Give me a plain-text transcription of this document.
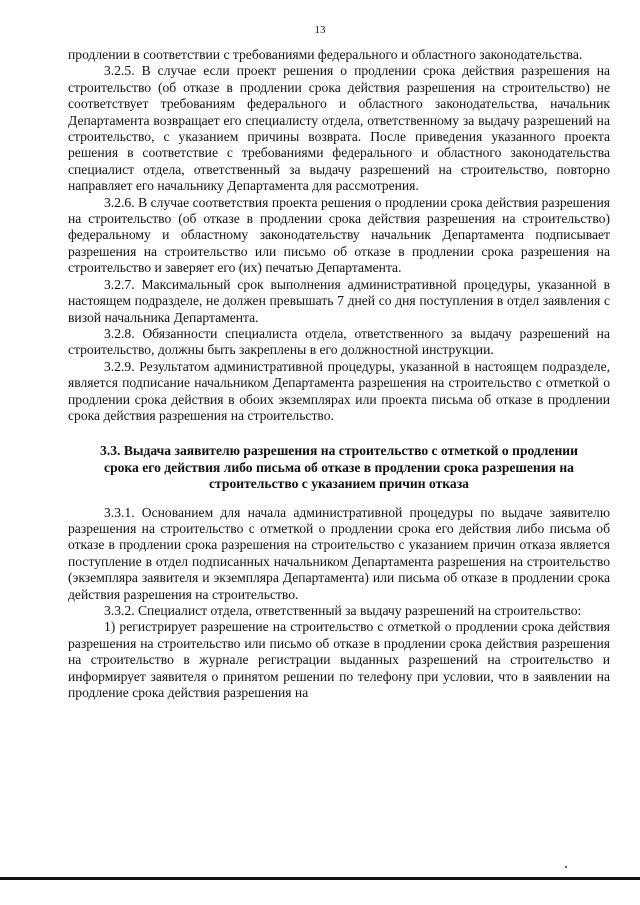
13

продлении в соответствии с требованиями федерального и областного законодательства.

3.2.5. В случае если проект решения о продлении срока действия разрешения на строительство (об отказе в продлении срока действия разрешения на строительство) не соответствует требованиям федерального и областного законодательства, начальник Департамента возвращает его специалисту отдела, ответственному за выдачу разрешений на строительство, с указанием причины возврата. После приведения указанного проекта решения в соответствие с требованиями федерального и областного законодательства специалист отдела, ответственный за выдачу разрешений на строительство, повторно направляет его начальнику Департамента для рассмотрения.

3.2.6. В случае соответствия проекта решения о продлении срока действия разрешения на строительство (об отказе в продлении срока действия разрешения на строительство) федеральному и областному законодательству начальник Департамента подписывает разрешения на строительство или письмо об отказе в продлении срока разрешения на строительство и заверяет его (их) печатью Департамента.

3.2.7. Максимальный срок выполнения административной процедуры, указанной в настоящем подразделе, не должен превышать 7 дней со дня поступления в отдел заявления с визой начальника Департамента.

3.2.8. Обязанности специалиста отдела, ответственного за выдачу разрешений на строительство, должны быть закреплены в его должностной инструкции.

3.2.9. Результатом административной процедуры, указанной в настоящем подразделе, является подписание начальником Департамента разрешения на строительство с отметкой о продлении срока действия в обоих экземплярах или проекта письма об отказе в продлении срока действия разрешения на строительство.

3.3. Выдача заявителю разрешения на строительство с отметкой о продлении срока его действия либо письма об отказе в продлении срока разрешения на строительство с указанием причин отказа

3.3.1. Основанием для начала административной процедуры по выдаче заявителю разрешения на строительство с отметкой о продлении срока его действия либо письма об отказе в продлении срока разрешения на строительство с указанием причин отказа является поступление в отдел подписанных начальником Департамента разрешения на строительство (экземпляра заявителя и экземпляра Департамента) или письма об отказе в продлении срока действия разрешения на строительство.

3.3.2. Специалист отдела, ответственный за выдачу разрешений на строительство:

1) регистрирует разрешение на строительство с отметкой о продлении срока действия разрешения на строительство или письмо об отказе в продлении срока действия разрешения на строительство в журнале регистрации выданных разрешений на строительство и информирует заявителя о принятом решении по телефону при условии, что в заявлении на продление срока действия разрешения на
